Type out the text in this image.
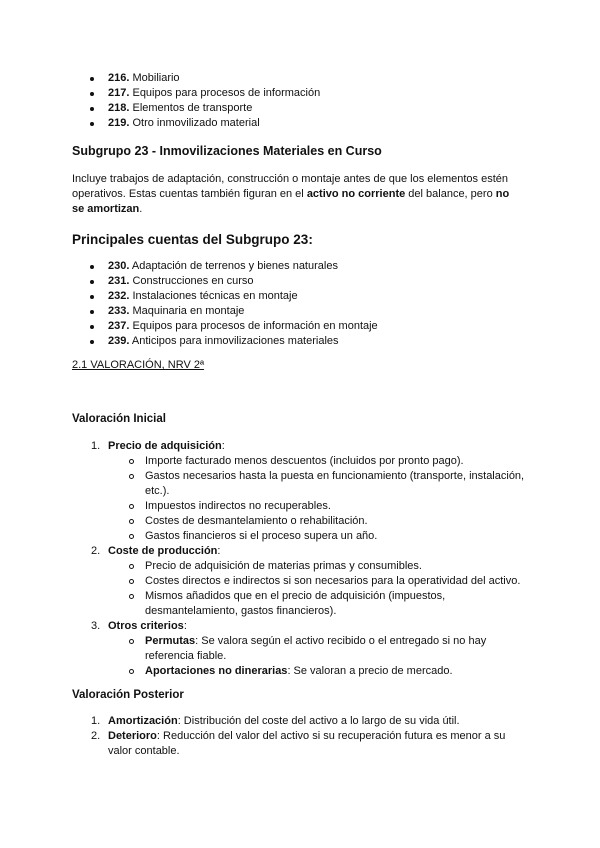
216. Mobiliario
217. Equipos para procesos de información
218. Elementos de transporte
219. Otro inmovilizado material
Subgrupo 23 - Inmovilizaciones Materiales en Curso
Incluye trabajos de adaptación, construcción o montaje antes de que los elementos estén
operativos. Estas cuentas también figuran en el activo no corriente del balance, pero no
se amortizan.
Principales cuentas del Subgrupo 23:
230. Adaptación de terrenos y bienes naturales
231. Construcciones en curso
232. Instalaciones técnicas en montaje
233. Maquinaria en montaje
237. Equipos para procesos de información en montaje
239. Anticipos para inmovilizaciones materiales
2.1 VALORACIÓN, NRV 2ª
Valoración Inicial
1. Precio de adquisición:
Importe facturado menos descuentos (incluidos por pronto pago).
Gastos necesarios hasta la puesta en funcionamiento (transporte, instalación,
etc.).
Impuestos indirectos no recuperables.
Costes de desmantelamiento o rehabilitación.
Gastos financieros si el proceso supera un año.
2. Coste de producción:
Precio de adquisición de materias primas y consumibles.
Costes directos e indirectos si son necesarios para la operatividad del activo.
Mismos añadidos que en el precio de adquisición (impuestos,
desmantelamiento, gastos financieros).
3. Otros criterios:
Permutas: Se valora según el activo recibido o el entregado si no hay
referencia fiable.
Aportaciones no dinerarias: Se valoran a precio de mercado.
Valoración Posterior
1. Amortización: Distribución del coste del activo a lo largo de su vida útil.
2. Deterioro: Reducción del valor del activo si su recuperación futura es menor a su
valor contable.
